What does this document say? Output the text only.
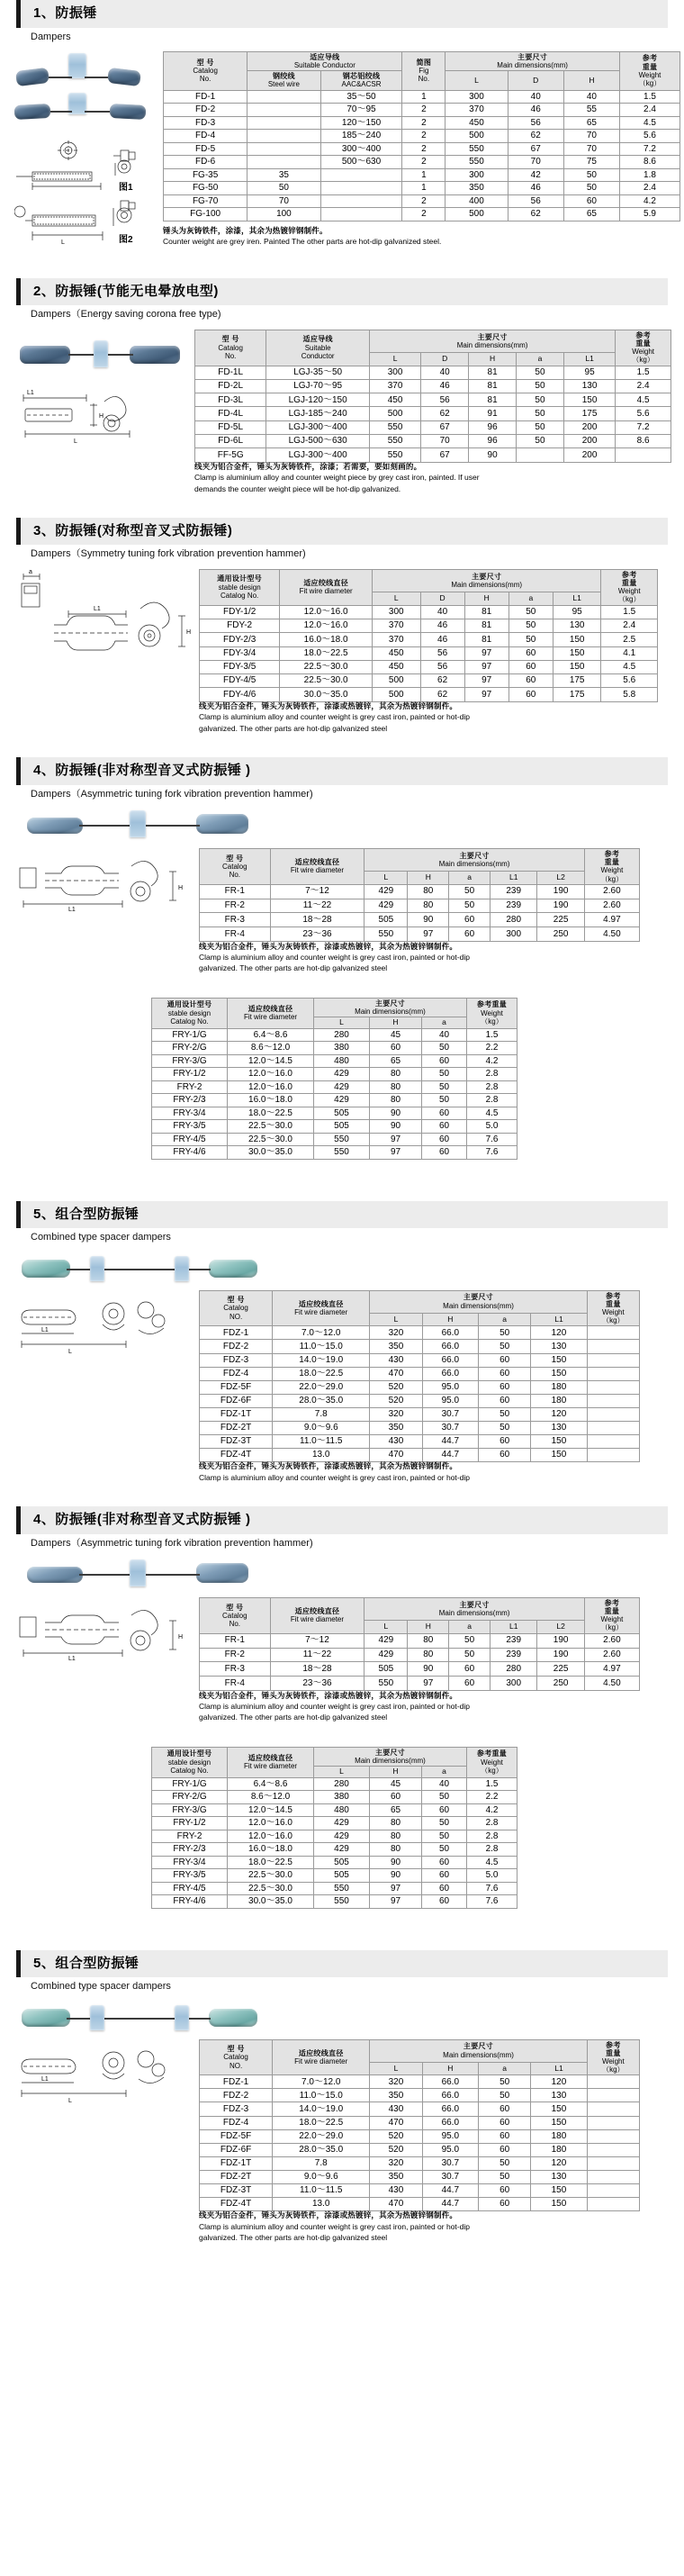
1、防振锤
Dampers
图1
L	图2
型 号
Catalog
No.	适应导线
Suitable Conductor		简图
Fig
No.	主要尺寸
Main dimensions(mm)			参考
重量
Weight
（kg）

	钢绞线
Steel wire	钢芯铝绞线
AAC&ACSR		L	D	H	
FD-1		35～50	1	300	40	40	1.5
FD-2		70～95	2	370	46	55	2.4
FD-3		120～150	2	450	56	65	4.5
FD-4		185～240	2	500	62	70	5.6
FD-5		300～400	2	550	67	70	7.2
FD-6		500～630	2	550	70	75	8.6
FG-35	35		1	300	42	50	1.8
FG-50	50		1	350	46	50	2.4
FG-70	70		2	400	56	60	4.2
FG-100	100		2	500	62	65	5.9
锤头为灰铸铁件，涂漆，其余为热镀锌钢制件。
Counter weight are grey iren. Painted The other parts are hot-dip galvanized steel.
2、防振锤(节能无电晕放电型)
Dampers（Energy saving corona free type)
L1
H
L
型 号
Catalog
No.	适应导线
Suitable
Conductor	主要尺寸
Main dimensions(mm)					参考
重量
Weight
（kg）

		L	D	H	a	L1	
FD-1L	LGJ-35～50	300	40	81	50	95	1.5
FD-2L	LGJ-70～95	370	46	81	50	130	2.4
FD-3L	LGJ-120～150	450	56	81	50	150	4.5
FD-4L	LGJ-185～240	500	62	91	50	175	5.6
FD-5L	LGJ-300～400	550	67	96	50	200	7.2
FD-6L	LGJ-500～630	550	70	96	50	200	8.6
FF-5G	LGJ-300～400	550	67	90		200	
线夹为铝合金件，锤头为灰铸铁件，涂漆；若需要，要如刻画的。
Clamp is aluminium alloy and counter weight piece by grey cast iron, painted. If user
demands the counter weight piece will be hot-dip galvanized.
3、防振锤(对称型音叉式防振锤)
Dampers（Symmetry tuning fork vibration prevention hammer)
a
L1
H
通用设计型号
stable design
Catalog No.	适应绞线直径
Fit wire diameter	主要尺寸
Main dimensions(mm)					参考
重量
Weight
（kg）

		L	D	H	a	L1	
FDY-1/2	12.0～16.0	300	40	81	50	95	1.5
FDY-2	12.0～16.0	370	46	81	50	130	2.4
FDY-2/3	16.0～18.0	370	46	81	50	150	2.5
FDY-3/4	18.0～22.5	450	56	97	60	150	4.1
FDY-3/5	22.5～30.0	450	56	97	60	150	4.5
FDY-4/5	22.5～30.0	500	62	97	60	175	5.6
FDY-4/6	30.0～35.0	500	62	97	60	175	5.8
线夹为铝合金件，锤头为灰铸铁件，涂漆或热镀锌，其余为热镀锌钢制件。
Clamp is aluminium alloy and counter weight is grey cast iron, painted or hot-dip
galvanized. The other parts are hot-dip galvanized steel
4、防振锤(非对称型音叉式防振锤 )
Dampers（Asymmetric tuning fork vibration prevention hammer)
H
L1
型 号
Catalog
No.	适应绞线直径
Fit wire diameter	主要尺寸
Main dimensions(mm)					参考
重量
Weight
（kg）

		L	H	a	L1	L2	
FR-1	7～12	429	80	50	239	190	2.60
FR-2	11～22	429	80	50	239	190	2.60
FR-3	18～28	505	90	60	280	225	4.97
FR-4	23～36	550	97	60	300	250	4.50
线夹为铝合金件，锤头为灰铸铁件，涂漆或热镀锌，其余为热镀锌钢制件。
Clamp is aluminium alloy and counter weight is grey cast iron, painted or hot-dip
galvanized. The other parts are hot-dip galvanized steel
通用设计型号
stable design
Catalog No.	适应绞线直径
Fit wire diameter	主要尺寸
Main dimensions(mm)			参考重量
Weight
（kg）

		L	H	a	
FRY-1/G	6.4～8.6	280	45	40	1.5
FRY-2/G	8.6～12.0	380	60	50	2.2
FRY-3/G	12.0～14.5	480	65	60	4.2
FRY-1/2	12.0～16.0	429	80	50	2.8
FRY-2	12.0～16.0	429	80	50	2.8
FRY-2/3	16.0～18.0	429	80	50	2.8
FRY-3/4	18.0～22.5	505	90	60	4.5
FRY-3/5	22.5～30.0	505	90	60	5.0
FRY-4/5	22.5～30.0	550	97	60	7.6
FRY-4/6	30.0～35.0	550	97	60	7.6
5、组合型防振锤
Combined type spacer dampers
L
L1
型 号
Catalog
NO.	适应绞线直径
Fit wire diameter	主要尺寸
Main dimensions(mm)				参考
重量
Weight
（kg）

		L	H	a	L1	
FDZ-1	7.0～12.0	320	66.0	50	120	
FDZ-2	11.0～15.0	350	66.0	50	130	
FDZ-3	14.0～19.0	430	66.0	60	150	
FDZ-4	18.0～22.5	470	66.0	60	150	
FDZ-5F	22.0～29.0	520	95.0	60	180	
FDZ-6F	28.0～35.0	520	95.0	60	180	
FDZ-1T	7.8	320	30.7	50	120	
FDZ-2T	9.0～9.6	350	30.7	50	130	
FDZ-3T	11.0～11.5	430	44.7	60	150	
FDZ-4T	13.0	470	44.7	60	150	
线夹为铝合金件，锤头为灰铸铁件，涂漆或热镀锌，其余为热镀锌钢制件。
Clamp is aluminium alloy and counter weight is grey cast iron, painted or hot-dip
4、防振锤(非对称型音叉式防振锤 )
Dampers（Asymmetric tuning fork vibration prevention hammer)
H
L1
型 号
Catalog
No.	适应绞线直径
Fit wire diameter	主要尺寸
Main dimensions(mm)					参考
重量
Weight
（kg）

		L	H	a	L1	L2	
FR-1	7～12	429	80	50	239	190	2.60
FR-2	11～22	429	80	50	239	190	2.60
FR-3	18～28	505	90	60	280	225	4.97
FR-4	23～36	550	97	60	300	250	4.50
线夹为铝合金件，锤头为灰铸铁件，涂漆或热镀锌，其余为热镀锌钢制件。
Clamp is aluminium alloy and counter weight is grey cast iron, painted or hot-dip
galvanized. The other parts are hot-dip galvanized steel
通用设计型号
stable design
Catalog No.	适应绞线直径
Fit wire diameter	主要尺寸
Main dimensions(mm)			参考重量
Weight
（kg）

		L	H	a	
FRY-1/G	6.4～8.6	280	45	40	1.5
FRY-2/G	8.6～12.0	380	60	50	2.2
FRY-3/G	12.0～14.5	480	65	60	4.2
FRY-1/2	12.0～16.0	429	80	50	2.8
FRY-2	12.0～16.0	429	80	50	2.8
FRY-2/3	16.0～18.0	429	80	50	2.8
FRY-3/4	18.0～22.5	505	90	60	4.5
FRY-3/5	22.5～30.0	505	90	60	5.0
FRY-4/5	22.5～30.0	550	97	60	7.6
FRY-4/6	30.0～35.0	550	97	60	7.6
5、组合型防振锤
Combined type spacer dampers
L
L1
型 号
Catalog
NO.	适应绞线直径
Fit wire diameter	主要尺寸
Main dimensions(mm)				参考
重量
Weight
（kg）

		L	H	a	L1	
FDZ-1	7.0～12.0	320	66.0	50	120	
FDZ-2	11.0～15.0	350	66.0	50	130	
FDZ-3	14.0～19.0	430	66.0	60	150	
FDZ-4	18.0～22.5	470	66.0	60	150	
FDZ-5F	22.0～29.0	520	95.0	60	180	
FDZ-6F	28.0～35.0	520	95.0	60	180	
FDZ-1T	7.8	320	30.7	50	120	
FDZ-2T	9.0～9.6	350	30.7	50	130	
FDZ-3T	11.0～11.5	430	44.7	60	150	
FDZ-4T	13.0	470	44.7	60	150	
线夹为铝合金件，锤头为灰铸铁件，涂漆或热镀锌，其余为热镀锌钢制件。
Clamp is aluminium alloy and counter weight is grey cast iron, painted or hot-dip
galvanized. The other parts are hot-dip galvanized steel
